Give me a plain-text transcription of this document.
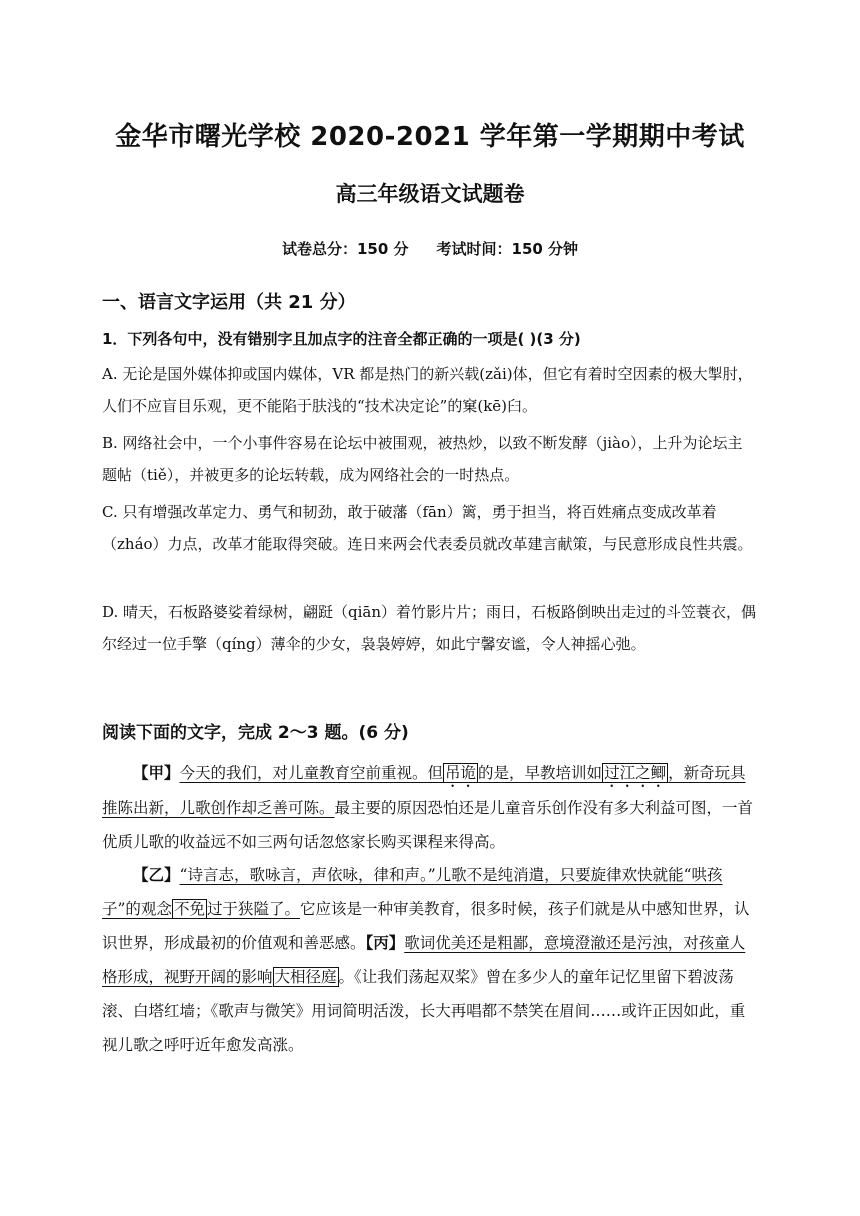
金华市曙光学校 2020-2021 学年第一学期期中考试
高三年级语文试题卷
试卷总分：150 分 考试时间：150 分钟
一、语言文字运用（共 21 分）
1．下列各句中，没有错别字且加点字的注音全都正确的一项是( )(3 分)
A. 无论是国外媒体抑或国内媒体，VR 都是热门的新兴载(zǎi)体，但它有着时空因素的极大掣肘，人们不应盲目乐观，更不能陷于肤浅的“技术决定论”的窠(kē)臼。
B. 网络社会中，一个小事件容易在论坛中被围观，被热炒，以致不断发酵（jiào），上升为论坛主题帖（tiě），并被更多的论坛转载，成为网络社会的一时热点。
C. 只有增强改革定力、勇气和韧劲，敢于破藩（fān）篱，勇于担当，将百姓痛点变成改革着（zháo）力点，改革才能取得突破。连日来两会代表委员就改革建言献策，与民意形成良性共震。
D. 晴天，石板路婆娑着绿树，翩跹（qiān）着竹影片片；雨日，石板路倒映出走过的斗笠蓑衣，偶尔经过一位手擎（qíng）薄伞的少女，袅袅婷婷，如此宁馨安谧，令人神摇心弛。
阅读下面的文字，完成 2～3 题。(6 分)
【甲】今天的我们，对儿童教育空前重视。但 吊诡 的是，早教培训如 过江之鲫 ，新奇玩具推陈出新，儿歌创作却乏善可陈。最主要的原因恐怕还是儿童音乐创作没有多大利益可图，一首优质儿歌的收益远不如三两句话忽悠家长购买课程来得高。
【乙】“诗言志，歌咏言，声依咏，律和声。”儿歌不是纯消遣，只要旋律欢快就能“哄孩子”的观念 不免 过于狭隘了。它应该是一种审美教育，很多时候，孩子们就是从中感知世界，认识世界，形成最初的价值观和善恶感。【丙】歌词优美还是粗鄙，意境澄澈还是污浊，对孩童人格形成，视野开阔的影响 大相径庭 。《让我们荡起双桨》曾在多少人的童年记忆里留下碧波荡滚、白塔红墙；《歌声与微笑》用词简明活泼，长大再唱都不禁笑在眉间……或许正因如此，重视儿歌之呼吁近年愈发高涨。
